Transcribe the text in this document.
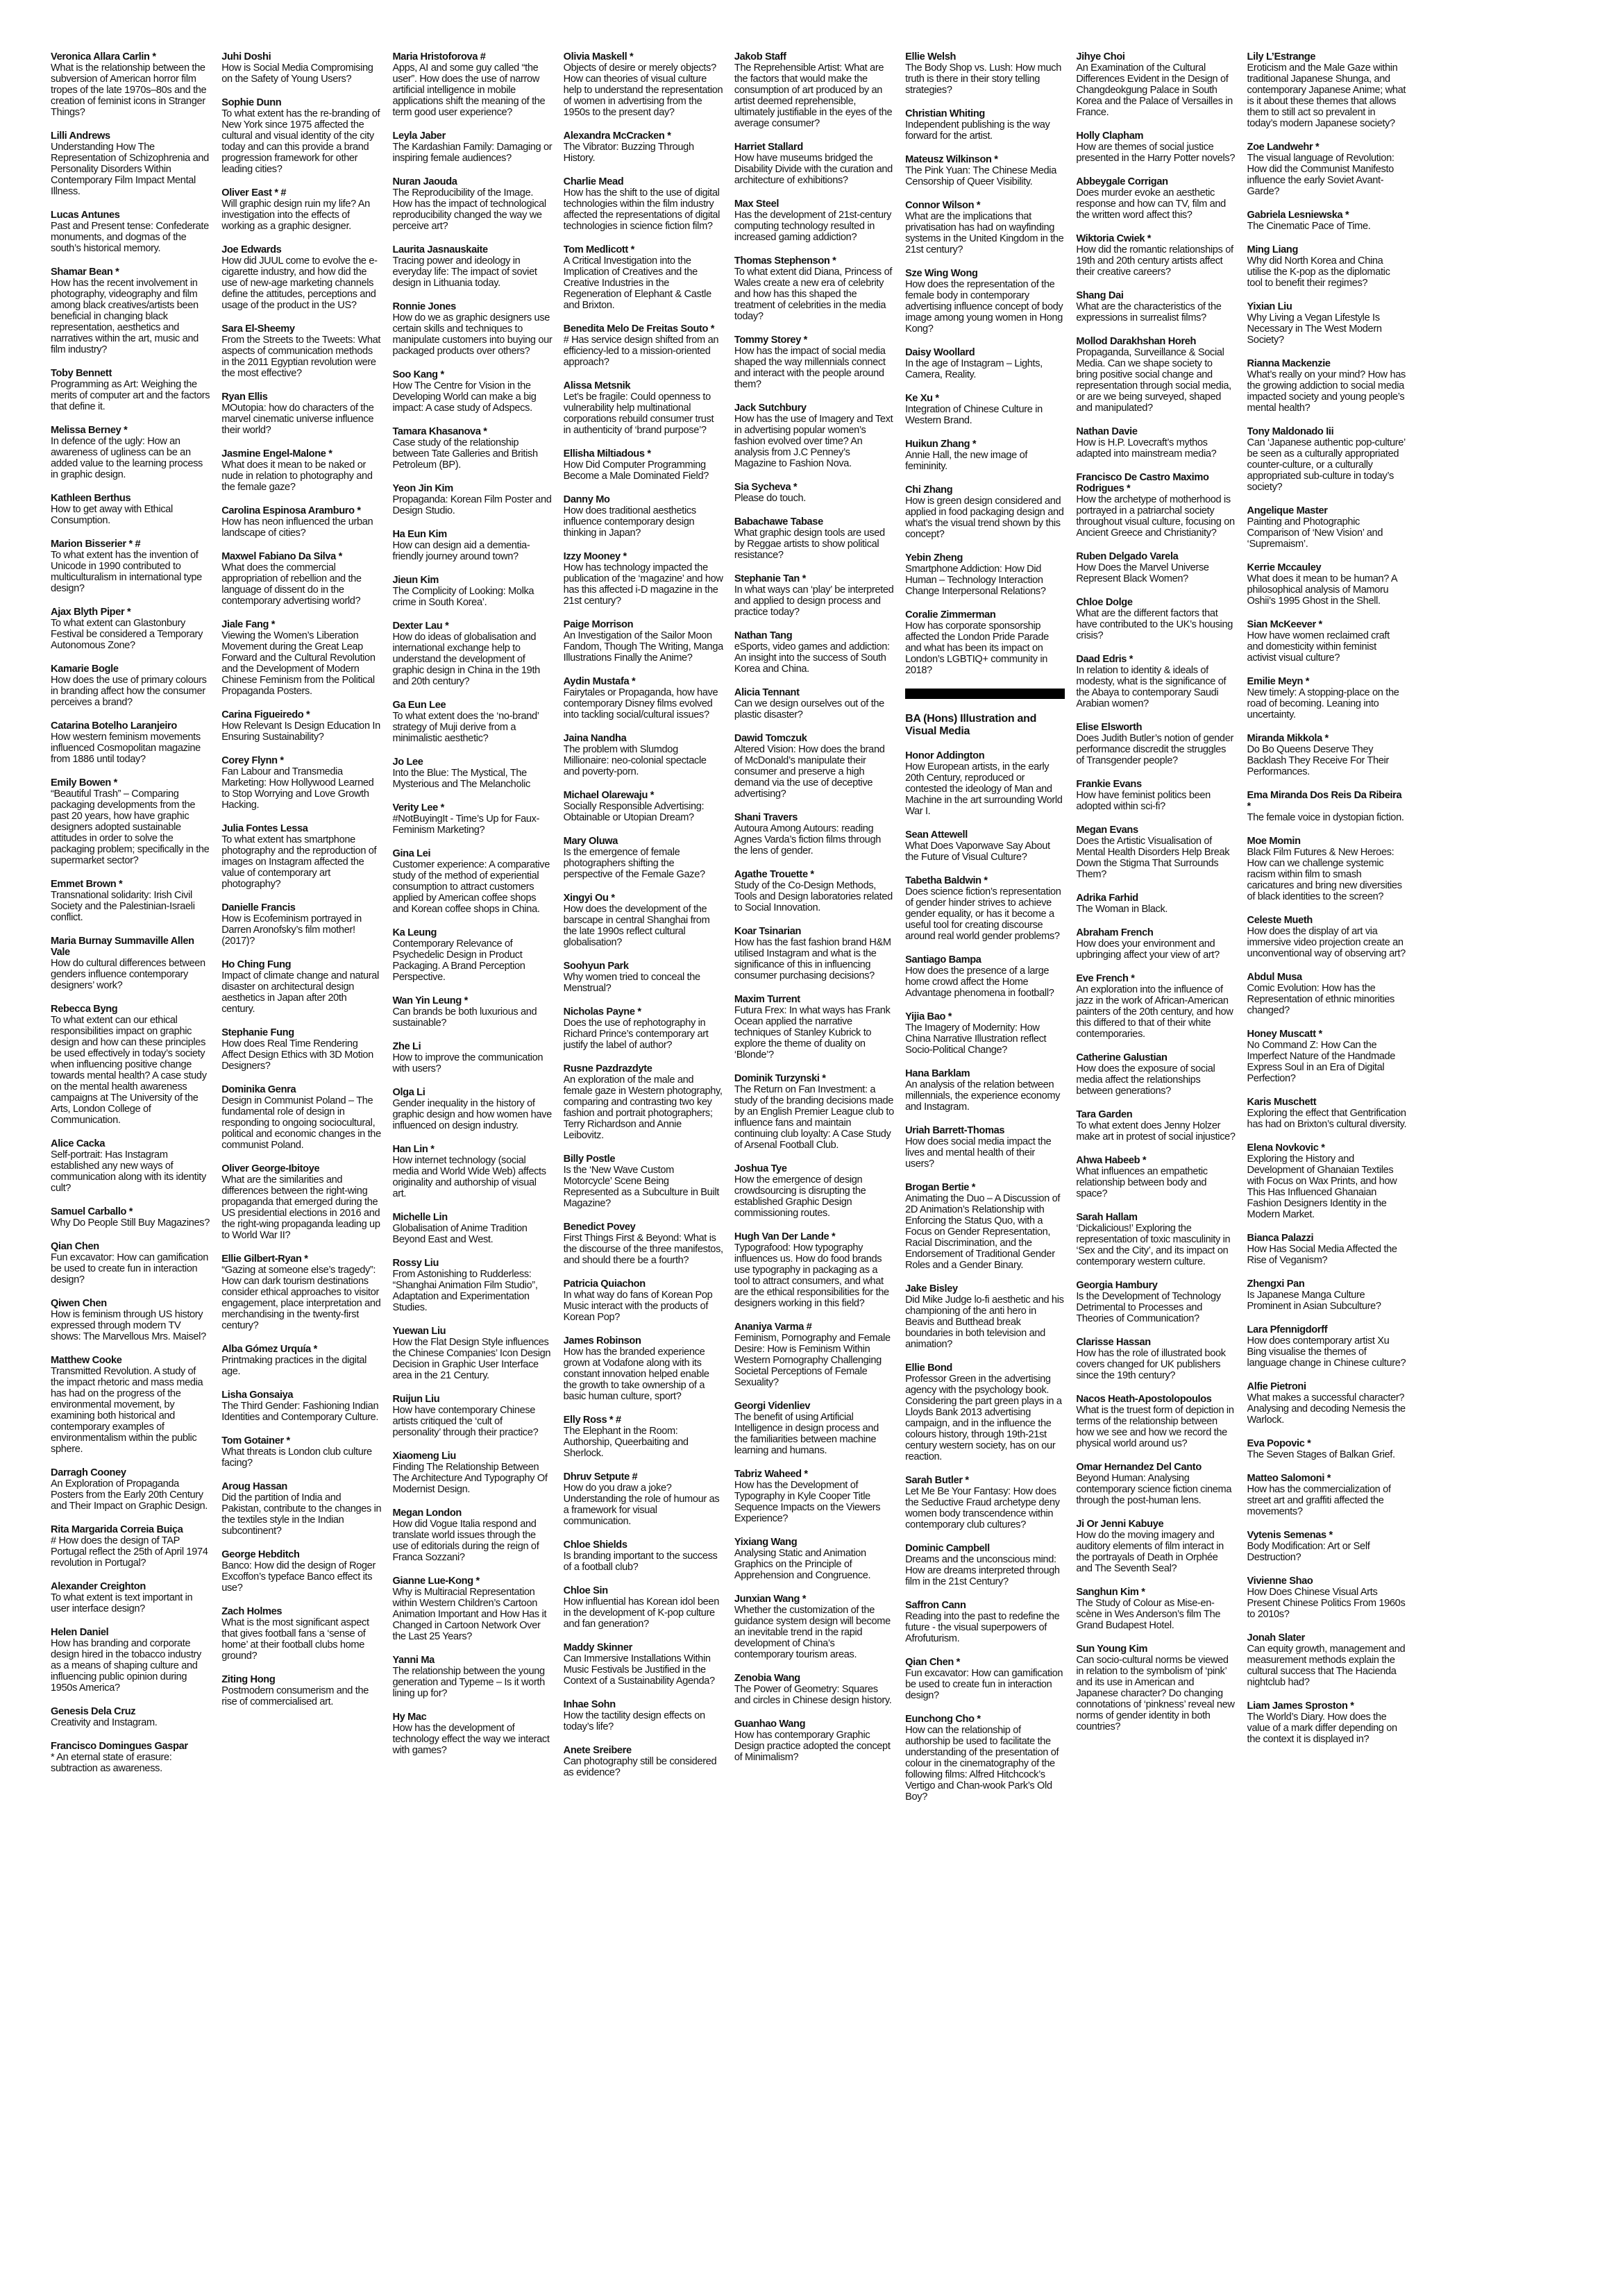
Veronica Allara Carlin *
What is the relationship between the subversion of American horror film tropes of the late 1970s–80s and the creation of feminist icons in Stranger Things?
Lilli Andrews
Understanding How The Representation of Schizophrenia and Personality Disorders Within Contemporary Film Impact Mental Illness.
Lucas Antunes
Past and Present tense: Confederate monuments, and dogmas of the south’s historical memory.
Shamar Bean *
How has the recent involvement in photography, videography and film among black creatives/artists been beneficial in changing black representation, aesthetics and narratives within the art, music and film industry?
Toby Bennett
Programming as Art: Weighing the merits of computer art and the factors that define it.
Melissa Berney *
In defence of the ugly: How an awareness of ugliness can be an added value to the learning process in graphic design.
Kathleen Berthus
How to get away with Ethical Consumption.
Marion Bisserier * #
To what extent has the invention of Unicode in 1990 contributed to multiculturalism in international type design?
Ajax Blyth Piper *
To what extent can Glastonbury Festival be considered a Temporary Autonomous Zone?
Kamarie Bogle
How does the use of primary colours in branding affect how the consumer perceives a brand?
Catarina Botelho Laranjeiro
How western feminism movements influenced Cosmopolitan magazine from 1886 until today?
Emily Bowen *
“Beautiful Trash” – Comparing packaging developments from the past 20 years, how have graphic designers adopted sustainable attitudes in order to solve the packaging problem; specifically in the supermarket sector?
Emmet Brown *
Transnational solidarity: Irish Civil Society and the Palestinian-Israeli conflict.
Maria Burnay Summaville Allen Vale
How do cultural differences between genders influence contemporary designers’ work?
Rebecca Byng
To what extent can our ethical responsibilities impact on graphic design and how can these principles be used effectively in today’s society when influencing positive change towards mental health? A case study on the mental health awareness campaigns at The University of the Arts, London College of Communication.
Alice Cacka
Self-portrait: Has Instagram established any new ways of communication along with its identity cult?
Samuel Carballo *
Why Do People Still Buy Magazines?
Qian Chen
Fun excavator: How can gamification be used to create fun in interaction design?
Qiwen Chen
How is feminism through US history expressed through modern TV shows: The Marvellous Mrs. Maisel?
Matthew Cooke
Transmitted Revolution. A study of the impact rhetoric and mass media has had on the progress of the environmental movement, by examining both historical and contemporary examples of environmentalism within the public sphere.
Darragh Cooney
An Exploration of Propaganda Posters from the Early 20th Century and Their Impact on Graphic Design.
Rita Margarida Correia Buiça
# How does the design of TAP Portugal reflect the 25th of April 1974 revolution in Portugal?
Alexander Creighton
To what extent is text important in user interface design?
Helen Daniel
How has branding and corporate design hired in the tobacco industry as a means of shaping culture and influencing public opinion during 1950s America?
Genesis Dela Cruz
Creativity and Instagram.
Francisco Domingues Gaspar
* An eternal state of erasure: subtraction as awareness.
Juhi Doshi
How is Social Media Compromising on the Safety of Young Users?
Sophie Dunn
To what extent has the re-branding of New York since 1975 affected the cultural and visual identity of the city today and can this provide a brand progression framework for other leading cities?
Oliver East * #
Will graphic design ruin my life? An investigation into the effects of working as a graphic designer.
Joe Edwards
How did JUUL come to evolve the e-cigarette industry, and how did the use of new-age marketing channels define the attitudes, perceptions and usage of the product in the US?
Sara El-Sheemy
From the Streets to the Tweets: What aspects of communication methods in the 2011 Egyptian revolution were the most effective?
Ryan Ellis
MOutopia: how do characters of the marvel cinematic universe influence their world?
Jasmine Engel-Malone *
What does it mean to be naked or nude in relation to photography and the female gaze?
Carolina Espinosa Aramburo *
How has neon influenced the urban landscape of cities?
Maxwel Fabiano Da Silva *
What does the commercial appropriation of rebellion and the language of dissent do in the contemporary advertising world?
Jiale Fang *
Viewing the Women’s Liberation Movement during the Great Leap Forward and the Cultural Revolution and the Development of Modern Chinese Feminism from the Political Propaganda Posters.
Carina Figueiredo *
How Relevant Is Design Education In Ensuring Sustainability?
Corey Flynn *
Fan Labour and Transmedia Marketing: How Hollywood Learned to Stop Worrying and Love Growth Hacking.
Julia Fontes Lessa
To what extent has smartphone photography and the reproduction of images on Instagram affected the value of contemporary art photography?
Danielle Francis
How is Ecofeminism portrayed in Darren Aronofsky’s film mother! (2017)?
Ho Ching Fung
Impact of climate change and natural disaster on architectural design aesthetics in Japan after 20th century.
Stephanie Fung
How does Real Time Rendering Affect Design Ethics with 3D Motion Designers?
Dominika Genra
Design in Communist Poland – The fundamental role of design in responding to ongoing sociocultural, political and economic changes in the communist Poland.
Oliver George-Ibitoye
What are the similarities and differences between the right-wing propaganda that emerged during the US presidential elections in 2016 and the right-wing propaganda leading up to World War II?
Ellie Gilbert-Ryan *
“Gazing at someone else’s tragedy”: How can dark tourism destinations consider ethical approaches to visitor engagement, place interpretation and merchandising in the twenty-first century?
Alba Gómez Urquía *
Printmaking practices in the digital age.
Lisha Gonsaiya
The Third Gender: Fashioning Indian Identities and Contemporary Culture.
Tom Gotainer *
What threats is London club culture facing?
Aroug Hassan
Did the partition of India and Pakistan, contribute to the changes in the textiles style in the Indian subcontinent?
George Hebditch
Banco: How did the design of Roger Excoffon’s typeface Banco effect its use?
Zach Holmes
What is the most significant aspect that gives football fans a ‘sense of home’ at their football clubs home ground?
Ziting Hong
Postmodern consumerism and the rise of commercialised art.
Maria Hristoforova #
Apps, AI and some guy called “the user”. How does the use of narrow artificial intelligence in mobile applications shift the meaning of the term good user experience?
Leyla Jaber
The Kardashian Family: Damaging or inspiring female audiences?
Nuran Jaouda
The Reproducibility of the Image. How has the impact of technological reproducibility changed the way we perceive art?
Laurita Jasnauskaite
Tracing power and ideology in everyday life: The impact of soviet design in Lithuania today.
Ronnie Jones
How do we as graphic designers use certain skills and techniques to manipulate customers into buying our packaged products over others?
Soo Kang *
How The Centre for Vision in the Developing World can make a big impact: A case study of Adspecs.
Tamara Khasanova *
Case study of the relationship between Tate Galleries and British Petroleum (BP).
Yeon Jin Kim
Propaganda: Korean Film Poster and Design Studio.
Ha Eun Kim
How can design aid a dementia-friendly journey around town?
Jieun Kim
The Complicity of Looking: Molka crime in South Korea’.
Dexter Lau *
How do ideas of globalisation and international exchange help to understand the development of graphic design in China in the 19th and 20th century?
Ga Eun Lee
To what extent does the ‘no-brand’ strategy of Muji derive from a minimalistic aesthetic?
Jo Lee
Into the Blue: The Mystical, The Mysterious and The Melancholic
Verity Lee *
#NotBuyingIt - Time’s Up for Faux-Feminism Marketing?
Gina Lei
Customer experience: A comparative study of the method of experiential consumption to attract customers applied by American coffee shops and Korean coffee shops in China.
Ka Leung
Contemporary Relevance of Psychedelic Design in Product Packaging. A Brand Perception Perspective.
Wan Yin Leung *
Can brands be both luxurious and sustainable?
Zhe Li
How to improve the communication with users?
Olga Li
Gender inequality in the history of graphic design and how women have influenced on design industry.
Han Lin *
How internet technology (social media and World Wide Web) affects originality and authorship of visual art.
Michelle Lin
Globalisation of Anime Tradition Beyond East and West.
Rossy Liu
From Astonishing to Rudderless: “Shanghai Animation Film Studio”, Adaptation and Experimentation Studies.
Yuewan Liu
How the Flat Design Style influences the Chinese Companies’ Icon Design Decision in Graphic User Interface area in the 21 Century.
Ruijun Liu
How have contemporary Chinese artists critiqued the ‘cult of personality’ through their practice?
Xiaomeng Liu
Finding The Relationship Between The Architecture And Typography Of Modernist Design.
Megan London
How did Vogue Italia respond and translate world issues through the use of editorials during the reign of Franca Sozzani?
Gianne Lue-Kong *
Why is Multiracial Representation within Western Children’s Cartoon Animation Important and How Has it Changed in Cartoon Network Over the Last 25 Years?
Yanni Ma
The relationship between the young generation and Typeme – Is it worth lining up for?
Hy Mac
How has the development of technology effect the way we interact with games?
Olivia Maskell *
Objects of desire or merely objects? How can theories of visual culture help to understand the representation of women in advertising from the 1950s to the present day?
Alexandra McCracken *
The Vibrator: Buzzing Through History.
Charlie Mead
How has the shift to the use of digital technologies within the film industry affected the representations of digital technologies in science fiction film?
Tom Medlicott *
A Critical Investigation into the Implication of Creatives and the Creative Industries in the Regeneration of Elephant & Castle and Brixton.
Benedita Melo De Freitas Souto *
# Has service design shifted from an efficiency-led to a mission-oriented approach?
Alissa Metsnik
Let’s be fragile: Could openness to vulnerability help multinational corporations rebuild consumer trust in authenticity of ‘brand purpose’?
Ellisha Miltiadous *
How Did Computer Programming Become a Male Dominated Field?
Danny Mo
How does traditional aesthetics influence contemporary design thinking in Japan?
Izzy Mooney *
How has technology impacted the publication of the ‘magazine’ and how has this affected i-D magazine in the 21st century?
Paige Morrison
An Investigation of the Sailor Moon Fandom, Though The Writing, Manga Illustrations Finally the Anime?
Aydin Mustafa *
Fairytales or Propaganda, how have contemporary Disney films evolved into tackling social/cultural issues?
Jaina Nandha
The problem with Slumdog Millionaire: neo-colonial spectacle and poverty-porn.
Michael Olarewaju *
Socially Responsible Advertising: Obtainable or Utopian Dream?
Mary Oluwa
Is the emergence of female photographers shifting the perspective of the Female Gaze?
Xingyi Ou *
How does the development of the barscape in central Shanghai from the late 1990s reflect cultural globalisation?
Soohyun Park
Why women tried to conceal the Menstrual?
Nicholas Payne *
Does the use of rephotography in Richard Prince’s contemporary art justify the label of author?
Rusne Pazdrazdyte
An exploration of the male and female gaze in Western photography, comparing and contrasting two key fashion and portrait photographers; Terry Richardson and Annie Leibovitz.
Billy Postle
Is the ‘New Wave Custom Motorcycle’ Scene Being Represented as a Subculture in Built Magazine?
Benedict Povey
First Things First & Beyond: What is the discourse of the three manifestos, and should there be a fourth?
Patricia Quiachon
In what way do fans of Korean Pop Music interact with the products of Korean Pop?
James Robinson
How has the branded experience grown at Vodafone along with its constant innovation helped enable the growth to take ownership of a basic human culture, sport?
Elly Ross * #
The Elephant in the Room: Authorship, Queerbaiting and Sherlock.
Dhruv Setpute #
How do you draw a joke? Understanding the role of humour as a framework for visual communication.
Chloe Shields
Is branding important to the success of a football club?
Chloe Sin
How influential has Korean idol been in the development of K-pop culture and fan generation?
Maddy Skinner
Can Immersive Installations Within Music Festivals be Justified in the Context of a Sustainability Agenda?
Inhae Sohn
How the tactility design effects on today’s life?
Anete Sreibere
Can photography still be considered as evidence?
Jakob Staff
The Reprehensible Artist: What are the factors that would make the consumption of art produced by an artist deemed reprehensible, ultimately justifiable in the eyes of the average consumer?
Harriet Stallard
How have museums bridged the Disability Divide with the curation and architecture of exhibitions?
Max Steel
Has the development of 21st-century computing technology resulted in increased gaming addiction?
Thomas Stephenson *
To what extent did Diana, Princess of Wales create a new era of celebrity and how has this shaped the treatment of celebrities in the media today?
Tommy Storey *
How has the impact of social media shaped the way millennials connect and interact with the people around them?
Jack Sutchbury
How has the use of Imagery and Text in advertising popular women’s fashion evolved over time? An analysis from J.C Penney’s Magazine to Fashion Nova.
Sia Sycheva *
Please do touch.
Babachawe Tabase
What graphic design tools are used by Reggae artists to show political resistance?
Stephanie Tan *
In what ways can ‘play’ be interpreted and applied to design process and practice today?
Nathan Tang
eSports, video games and addiction: An insight into the success of South Korea and China.
Alicia Tennant
Can we design ourselves out of the plastic disaster?
Dawid Tomczuk
Altered Vision: How does the brand of McDonald’s manipulate their consumer and preserve a high demand via the use of deceptive advertising?
Shani Travers
Autoura Among Autours: reading Agnes Varda’s fiction films through the lens of gender.
Agathe Trouette *
Study of the Co-Design Methods, Tools and Design laboratories related to Social Innovation.
Koar Tsinarian
How has the fast fashion brand H&M utilised Instagram and what is the significance of this in influencing consumer purchasing decisions?
Maxim Turrent
Futura Frex: In what ways has Frank Ocean applied the narrative techniques of Stanley Kubrick to explore the theme of duality on ‘Blonde’?
Dominik Turzynski *
The Return on Fan Investment: a study of the branding decisions made by an English Premier League club to influence fans and maintain continuing club loyalty: A Case Study of Arsenal Football Club.
Joshua Tye
How the emergence of design crowdsourcing is disrupting the established Graphic Design commissioning routes.
Hugh Van Der Lande *
Typografood: How typography influences us. How do food brands use typography in packaging as a tool to attract consumers, and what are the ethical responsibilities for the designers working in this field?
Ananiya Varma #
Feminism, Pornography and Female Desire: How is Feminism Within Western Pornography Challenging Societal Perceptions of Female Sexuality?
Georgi Videnliev
The benefit of using Artificial Intelligence in design process and the familiarities between machine learning and humans.
Tabriz Waheed *
How has the Development of Typography in Kyle Cooper Title Sequence Impacts on the Viewers Experience?
Yixiang Wang
Analysing Static and Animation Graphics on the Principle of Apprehension and Congruence.
Junxian Wang *
Whether the customization of the guidance system design will become an inevitable trend in the rapid development of China’s contemporary tourism areas.
Zenobia Wang
The Power of Geometry: Squares and circles in Chinese design history.
Guanhao Wang
How has contemporary Graphic Design practice adopted the concept of Minimalism?
Ellie Welsh
The Body Shop vs. Lush: How much truth is there in their story telling strategies?
Christian Whiting
Independent publishing is the way forward for the artist.
Mateusz Wilkinson *
The Pink Yuan: The Chinese Media Censorship of Queer Visibility.
Connor Wilson *
What are the implications that privatisation has had on wayfinding systems in the United Kingdom in the 21st century?
Sze Wing Wong
How does the representation of the female body in contemporary advertising influence concept of body image among young women in Hong Kong?
Daisy Woollard
In the age of Instagram – Lights, Camera, Reality.
Ke Xu *
Integration of Chinese Culture in Western Brand.
Huikun Zhang *
Annie Hall, the new image of femininity.
Chi Zhang
How is green design considered and applied in food packaging design and what’s the visual trend shown by this concept?
Yebin Zheng
Smartphone Addiction: How Did Human – Technology Interaction Change Interpersonal Relations?
Coralie Zimmerman
How has corporate sponsorship affected the London Pride Parade and what has been its impact on London’s LGBTIQ+ community in 2018?
BA (Hons) Illustration and Visual Media
Honor Addington
How European artists, in the early 20th Century, reproduced or contested the ideology of Man and Machine in the art surrounding World War I.
Sean Attewell
What Does Vaporwave Say About the Future of Visual Culture?
Tabetha Baldwin *
Does science fiction’s representation of gender hinder strives to achieve gender equality, or has it become a useful tool for creating discourse around real world gender problems?
Santiago Bampa
How does the presence of a large home crowd affect the Home Advantage phenomena in football?
Yijia Bao *
The Imagery of Modernity: How China Narrative Illustration reflect Socio-Political Change?
Hana Barklam
An analysis of the relation between millennials, the experience economy and Instagram.
Uriah Barrett-Thomas
How does social media impact the lives and mental health of their users?
Brogan Bertie *
Animating the Duo – A Discussion of 2D Animation’s Relationship with Enforcing the Status Quo, with a Focus on Gender Representation, Racial Discrimination, and the Endorsement of Traditional Gender Roles and a Gender Binary.
Jake Bisley
Did Mike Judge lo-fi aesthetic and his championing of the anti hero in Beavis and Butthead break boundaries in both television and animation?
Ellie Bond
Professor Green in the advertising agency with the psychology book. Considering the part green plays in a Lloyds Bank 2013 advertising campaign, and in the influence the colours history, through 19th-21st century western society, has on our reaction.
Sarah Butler *
Let Me Be Your Fantasy: How does the Seductive Fraud archetype deny women body transcendence within contemporary club cultures?
Dominic Campbell
Dreams and the unconscious mind: How are dreams interpreted through film in the 21st Century?
Saffron Cann
Reading into the past to redefine the future - the visual superpowers of Afrofuturism.
Qian Chen *
Fun excavator: How can gamification be used to create fun in interaction design?
Eunchong Cho *
How can the relationship of authorship be used to facilitate the understanding of the presentation of colour in the cinematography of the following films: Alfred Hitchcock’s Vertigo and Chan-wook Park’s Old Boy?
Jihye Choi
An Examination of the Cultural Differences Evident in the Design of Changdeokgung Palace in South Korea and the Palace of Versailles in France.
Holly Clapham
How are themes of social justice presented in the Harry Potter novels?
Abbeygale Corrigan
Does murder evoke an aesthetic response and how can TV, film and the written word affect this?
Wiktoria Cwiek *
How did the romantic relationships of 19th and 20th century artists affect their creative careers?
Shang Dai
What are the characteristics of the expressions in surrealist films?
Mollod Darakhshan Horeh
Propaganda, Surveillance & Social Media. Can we shape society to bring positive social change and representation through social media, or are we being surveyed, shaped and manipulated?
Nathan Davie
How is H.P. Lovecraft’s mythos adapted into mainstream media?
Francisco De Castro Maximo Rodrigues *
How the archetype of motherhood is portrayed in a patriarchal society throughout visual culture, focusing on Ancient Greece and Christianity?
Ruben Delgado Varela
How Does the Marvel Universe Represent Black Women?
Chloe Dolge
What are the different factors that have contributed to the UK’s housing crisis?
Daad Edris *
In relation to identity & ideals of modesty, what is the significance of the Abaya to contemporary Saudi Arabian women?
Elise Elsworth
Does Judith Butler’s notion of gender performance discredit the struggles of Transgender people?
Frankie Evans
How have feminist politics been adopted within sci-fi?
Megan Evans
Does the Artistic Visualisation of Mental Health Disorders Help Break Down the Stigma That Surrounds Them?
Adrika Farhid
The Woman in Black.
Abraham French
How does your environment and upbringing affect your view of art?
Eve French *
An exploration into the influence of jazz in the work of African-American painters of the 20th century, and how this differed to that of their white contemporaries.
Catherine Galustian
How does the exposure of social media affect the relationships between generations?
Tara Garden
To what extent does Jenny Holzer make art in protest of social injustice?
Ahwa Habeeb *
What influences an empathetic relationship between body and space?
Sarah Hallam
‘Dickalicious!’ Exploring the representation of toxic masculinity in ‘Sex and the City’, and its impact on contemporary western culture.
Georgia Hambury
Is the Development of Technology Detrimental to Processes and Theories of Communication?
Clarisse Hassan
How has the role of illustrated book covers changed for UK publishers since the 19th century?
Nacos Heath-Apostolopoulos
What is the truest form of depiction in terms of the relationship between how we see and how we record the physical world around us?
Omar Hernandez Del Canto
Beyond Human: Analysing contemporary science fiction cinema through the post-human lens.
Ji Or Jenni Kabuye
How do the moving imagery and auditory elements of film interact in the portrayals of Death in Orphée and The Seventh Seal?
Sanghun Kim *
The Study of Colour as Mise-en-scène in Wes Anderson’s film The Grand Budapest Hotel.
Sun Young Kim
Can socio-cultural norms be viewed in relation to the symbolism of ‘pink’ and its use in American and Japanese character? Do changing connotations of ‘pinkness’ reveal new norms of gender identity in both countries?
Lily L’Estrange
Eroticism and the Male Gaze within traditional Japanese Shunga, and contemporary Japanese Anime; what is it about these themes that allows them to still act so prevalent in today’s modern Japanese society?
Zoe Landwehr *
The visual language of Revolution: How did the Communist Manifesto influence the early Soviet Avant-Garde?
Gabriela Lesniewska *
The Cinematic Pace of Time.
Ming Liang
Why did North Korea and China utilise the K-pop as the diplomatic tool to benefit their regimes?
Yixian Liu
Why Living a Vegan Lifestyle Is Necessary in The West Modern Society?
Rianna Mackenzie
What’s really on your mind? How has the growing addiction to social media impacted society and young people’s mental health?
Tony Maldonado Iii
Can ‘Japanese authentic pop-culture’ be seen as a culturally appropriated counter-culture, or a culturally appropriated sub-culture in today’s society?
Angelique Master
Painting and Photographic Comparison of ‘New Vision’ and ‘Supremaism’.
Kerrie Mccauley
What does it mean to be human? A philosophical analysis of Mamoru Oshii’s 1995 Ghost in the Shell.
Sian McKeever *
How have women reclaimed craft and domesticity within feminist activist visual culture?
Emilie Meyn *
New timely: A stopping-place on the road of becoming. Leaning into uncertainty.
Miranda Mikkola *
Do Bo Queens Deserve They Backlash They Receive For Their Performances.
Ema Miranda Dos Reis Da Ribeira *
The female voice in dystopian fiction.
Moe Momin
Black Film Futures & New Heroes: How can we challenge systemic racism within film to smash caricatures and bring new diversities of black identities to the screen?
Celeste Mueth
How does the display of art via immersive video projection create an unconventional way of observing art?
Abdul Musa
Comic Evolution: How has the Representation of ethnic minorities changed?
Honey Muscatt *
No Command Z: How Can the Imperfect Nature of the Handmade Express Soul in an Era of Digital Perfection?
Karis Muschett
Exploring the effect that Gentrification has had on Brixton’s cultural diversity.
Elena Novkovic *
Exploring the History and Development of Ghanaian Textiles with Focus on Wax Prints, and how This Has Influenced Ghanaian Fashion Designers Identity in the Modern Market.
Bianca Palazzi
How Has Social Media Affected the Rise of Veganism?
Zhengxi Pan
Is Japanese Manga Culture Prominent in Asian Subculture?
Lara Pfennigdorff
How does contemporary artist Xu Bing visualise the themes of language change in Chinese culture?
Alfie Pietroni
What makes a successful character? Analysing and decoding Nemesis the Warlock.
Eva Popovic *
The Seven Stages of Balkan Grief.
Matteo Salomoni *
How has the commercialization of street art and graffiti affected the movements?
Vytenis Semenas *
Body Modification: Art or Self Destruction?
Vivienne Shao
How Does Chinese Visual Arts Present Chinese Politics From 1960s to 2010s?
Jonah Slater
Can equity growth, management and measurement methods explain the cultural success that The Hacienda nightclub had?
Liam James Sproston *
The World’s Diary. How does the value of a mark differ depending on the context it is displayed in?
